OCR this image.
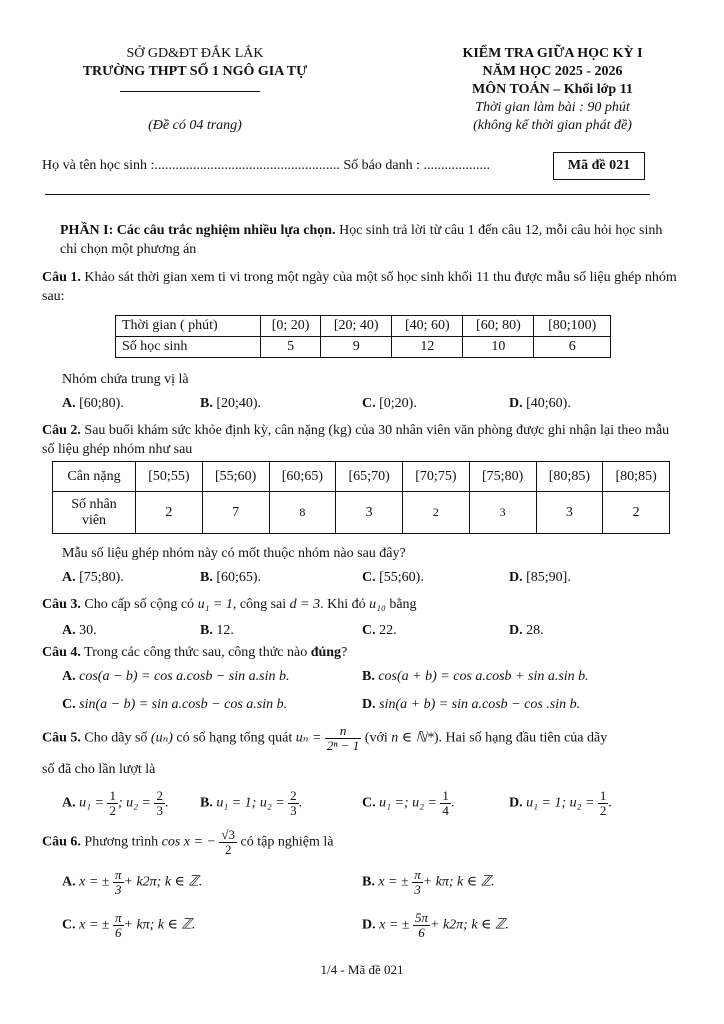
SỞ GD&ĐT ĐẮK LẮK
TRƯỜNG THPT SỐ 1 NGÔ GIA TỰ
(Đề có 04 trang)
KIỂM TRA GIỮA HỌC KỲ I
NĂM HỌC 2025 - 2026
MÔN TOÁN – Khối lớp 11
Thời gian làm bài : 90 phút
(không kể thời gian phát đề)
Họ và tên học sinh :..................................................... Số báo danh : ...................	Mã đề 021
PHẦN I: Các câu trắc nghiệm nhiều lựa chọn. Học sinh trả lời từ câu 1 đến câu 12, mỗi câu hỏi học sinh chỉ chọn một phương án
Câu 1. Khảo sát thời gian xem ti vi trong một ngày của một số học sinh khối 11 thu được mẫu số liệu ghép nhóm sau:
Thời gian ( phút)	[0; 20)	[20; 40)	[40; 60)	[60; 80)	[80;100)
Số học sinh	5	9	12	10	6
Nhóm chứa trung vị là
A. [60;80).	B. [20;40).	C. [0;20).	D. [40;60).
Câu 2. Sau buổi khám sức khỏe định kỳ, cân nặng (kg) của 30 nhân viên văn phòng được ghi nhận lại theo mẫu số liệu ghép nhóm như sau
Cân nặng	[50;55)	[55;60)	[60;65)	[65;70)	[70;75)	[75;80)	[80;85)	[80;85)
Số nhân
viên	2	7	8	3	2	3	3	2
Mẫu số liệu ghép nhóm này có mốt thuộc nhóm nào sau đây?
A. [75;80).	B. [60;65).	C. [55;60).	D. [85;90].
Câu 3. Cho cấp số cộng có u₁ = 1, công sai d = 3. Khi đó u₁₀ bằng
A. 30.	B. 12.	C. 22.	D. 28.
Câu 4. Trong các công thức sau, công thức nào đúng?
A. cos(a − b) = cos a.cosb − sin a.sin b.	B. cos(a + b) = cos a.cosb + sin a.sin b.
C. sin(a − b) = sin a.cosb − cos a.sin b.	D. sin(a + b) = sin a.cosb − cos .sin b.
Câu 5. Cho dãy số (uₙ) có số hạng tổng quát $u_n = \frac{n}{\text{2ⁿ − 1}}$ (với n ∈ ℕ*). Hai số hạng đầu tiên của dãy
số đã cho lần lượt là
A. $u_1 = \frac{1}{2}$ ; $u_2 = \frac{2}{3}$ . B. u₁ = 1; $u_2 = \frac{2}{3}$ .	C. u₁ =; $u_2 = \frac{1}{4}$ .	D. u₁ = 1; $u_2 = \frac{1}{2}$ .
Câu 6. Phương trình cos x = − $\frac{√3}{2}$ có tập nghiệm là
A. x = ± $\frac{\pi}{3} + k2\pi$; k ∈ ℤ.	B. x = ± $\frac{\pi}{3} + k\pi$; k ∈ ℤ.
C. x = ± $\frac{\pi}{6} + k\pi$; k ∈ ℤ.	D. x = ± $\frac{5\pi}{6} + k2\pi$; k ∈ ℤ.
1/4 - Mã đề 021
